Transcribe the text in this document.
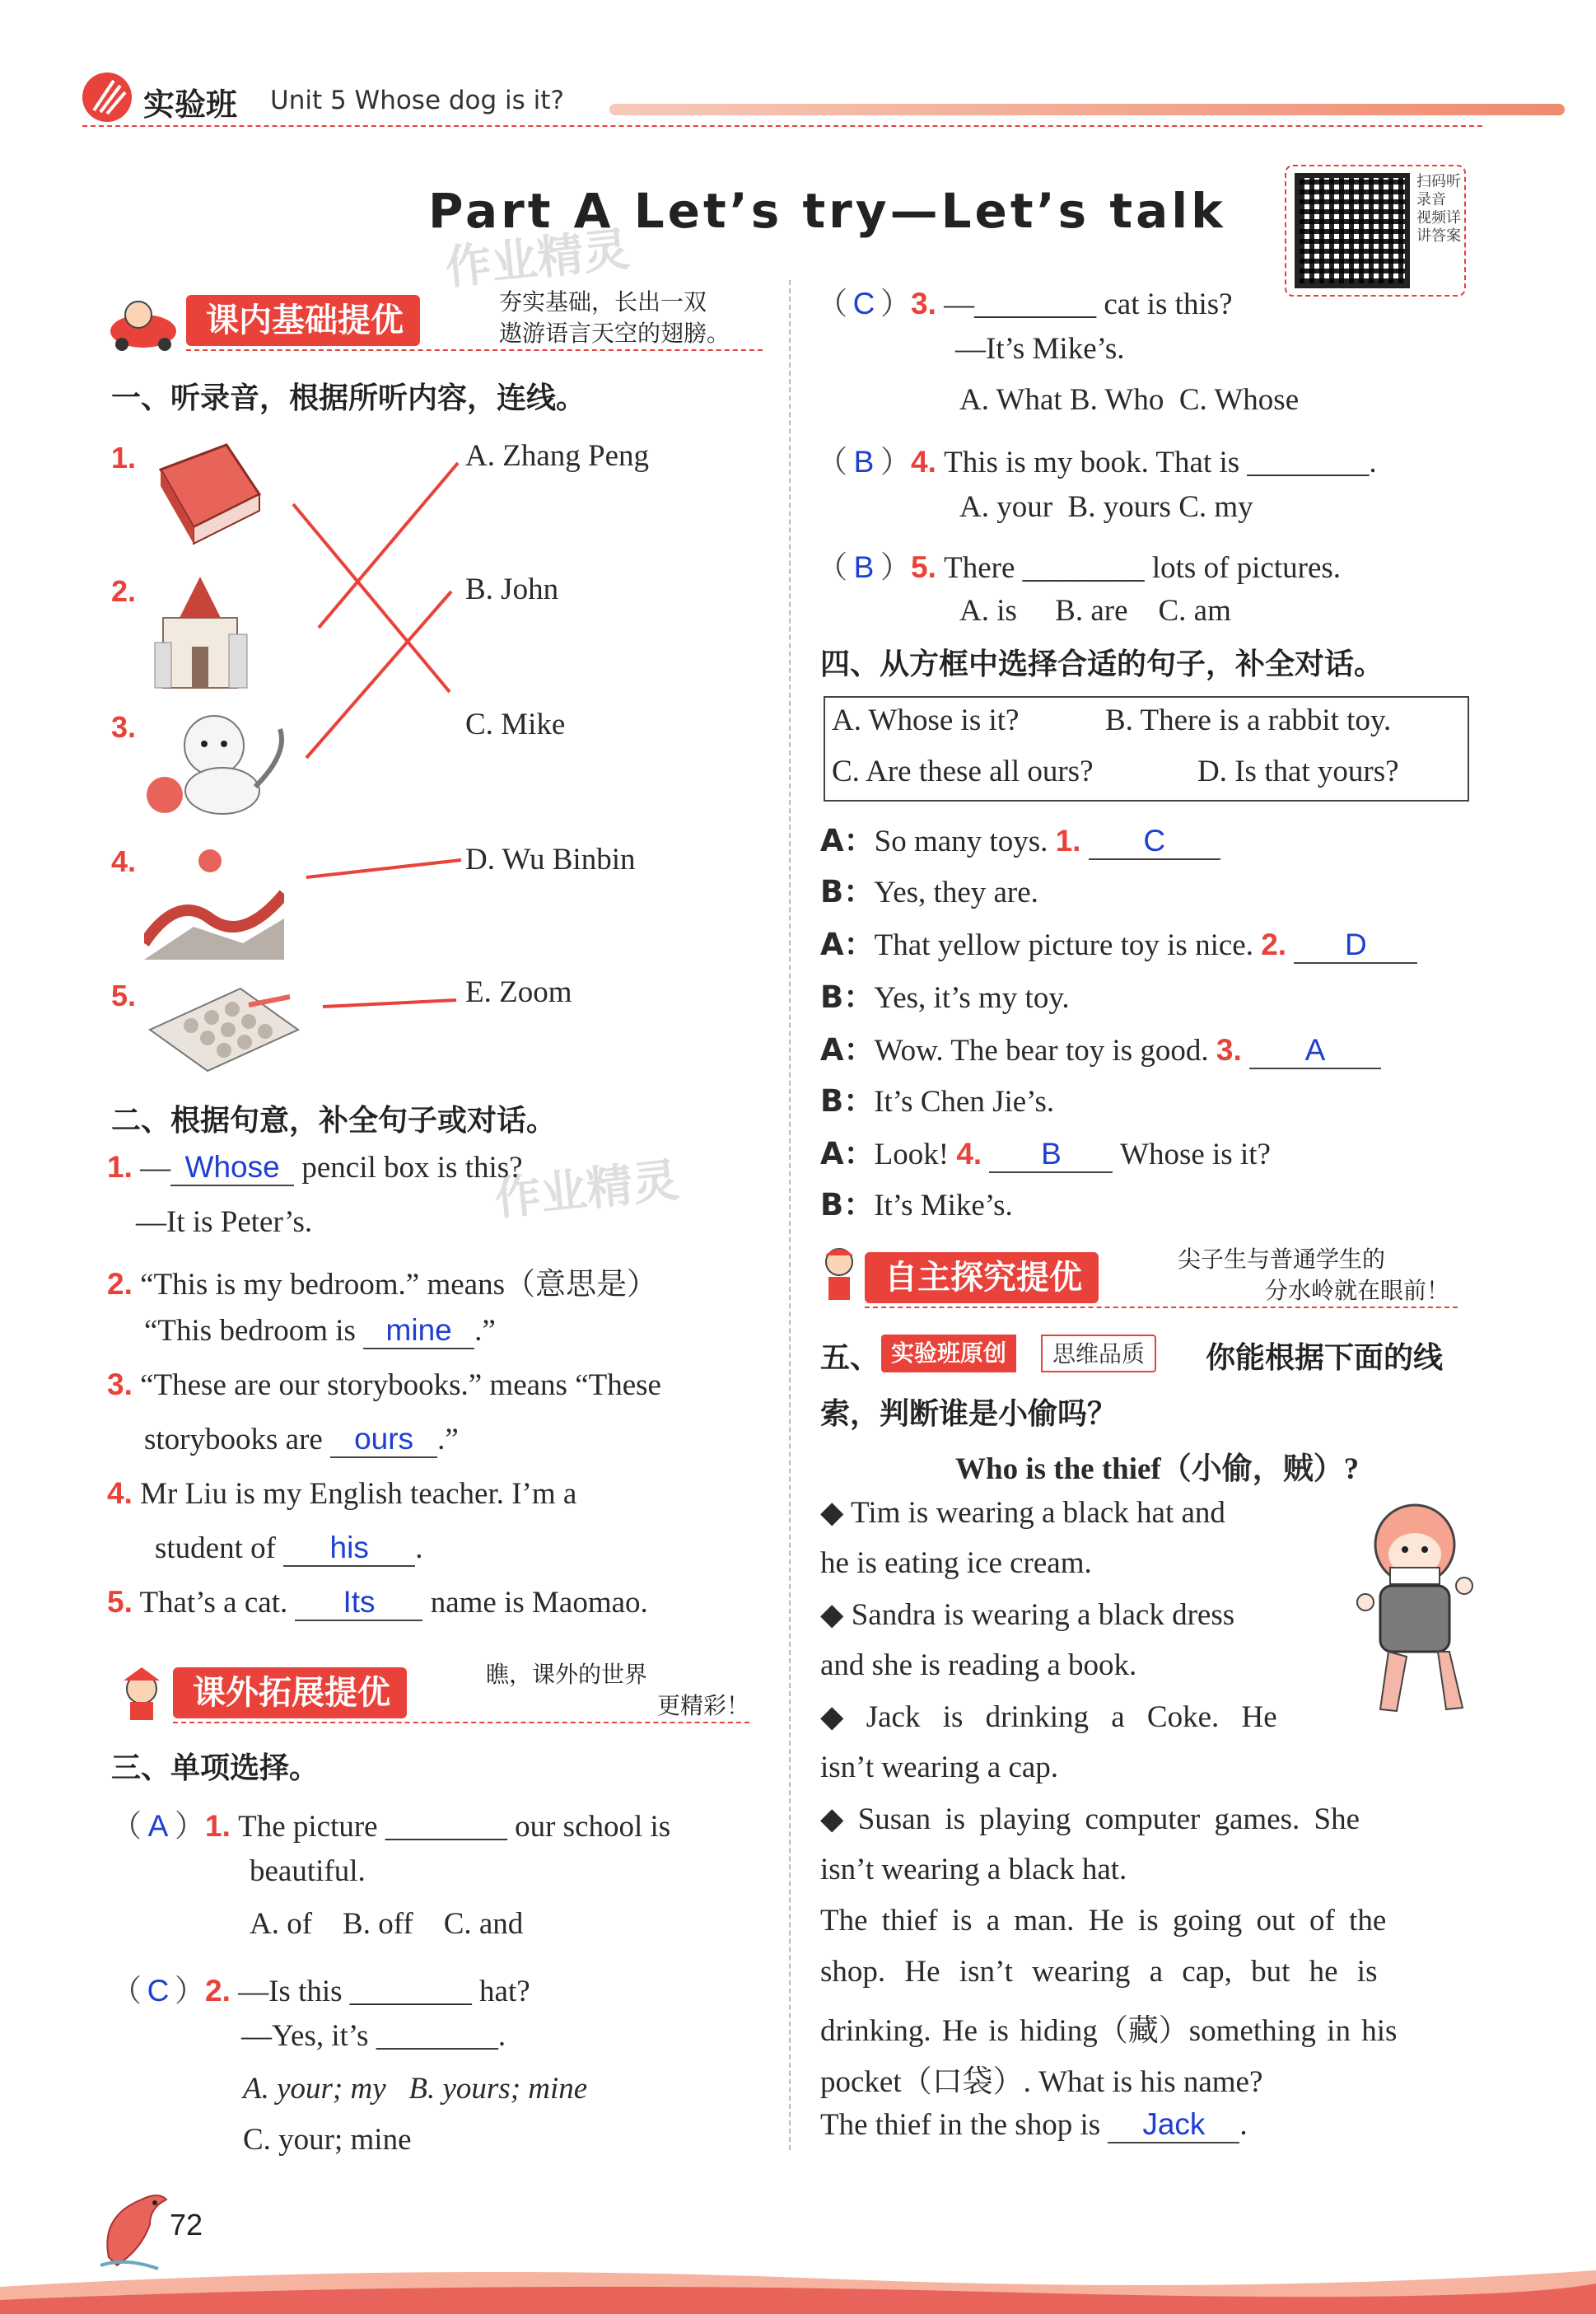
实验班 Unit 5 Whose dog is it?
Part A Let’s try—Let’s talk
扫码听录音 视频详讲答案
作业精灵
作业精灵
课内基础提优	夯实基础，长出一双
遨游语言天空的翅膀。
一、听录音，根据所听内容，连线。
1.
2.
3.
4.
5.
A. Zhang Peng
B. John
C. Mike
D. Wu Binbin
E. Zoom
二、根据句意，补全句子或对话。
1. — Whose pencil box is this?
—It is Peter’s.
2. “This is my bedroom.” means（意思是）
“This bedroom is mine .”
3. “These are our storybooks.” means “These
storybooks are ours .”
4. Mr Liu is my English teacher. I’m a
student of his .
5. That’s a cat. Its name is Maomao.
课外拓展提优	瞧，课外的世界
更精彩！
三、单项选择。
（ A ）1. The picture ________ our school is
beautiful.
A. of    B. off    C. and
（ C ）2. —Is this ________ hat?
—Yes, it’s ________.
A. your; my   B. yours; mine
C. your; mine
（ C ）3. —________ cat is this?
—It’s Mike’s.
A. What B. Who  C. Whose
（ B ）4. This is my book. That is ________.
A. your  B. yours C. my
（ B ）5. There ________ lots of pictures.
A. is     B. are    C. am
四、从方框中选择合适的句子，补全对话。
A. Whose is it?	B. There is a rabbit toy.
C. Are these all ours?	D. Is that yours?
A：So many toys. 1. C
B：Yes, they are.
A：That yellow picture toy is nice. 2. D
B：Yes, it’s my toy.
A：Wow. The bear toy is good. 3. A
B：It’s Chen Jie’s.
A：Look! 4. B Whose is it?
B：It’s Mike’s.
自主探究提优	尖子生与普通学生的
分水岭就在眼前！
五、 实验班原创	思维品质	你能根据下面的线
索，判断谁是小偷吗？
Who is the thief（小偷，贼）?
◆ Tim is wearing a black hat and
he is eating ice cream.
◆ Sandra is wearing a black dress
and she is reading a book.
◆ Jack is drinking a Coke. He
isn’t wearing a cap.
◆ Susan is playing computer games. She
isn’t wearing a black hat.
The thief is a man. He is going out of the
shop. He isn’t wearing a cap, but he is
drinking. He is hiding（藏）something in his
pocket（口袋）. What is his name?
The thief in the shop is Jack .
72
